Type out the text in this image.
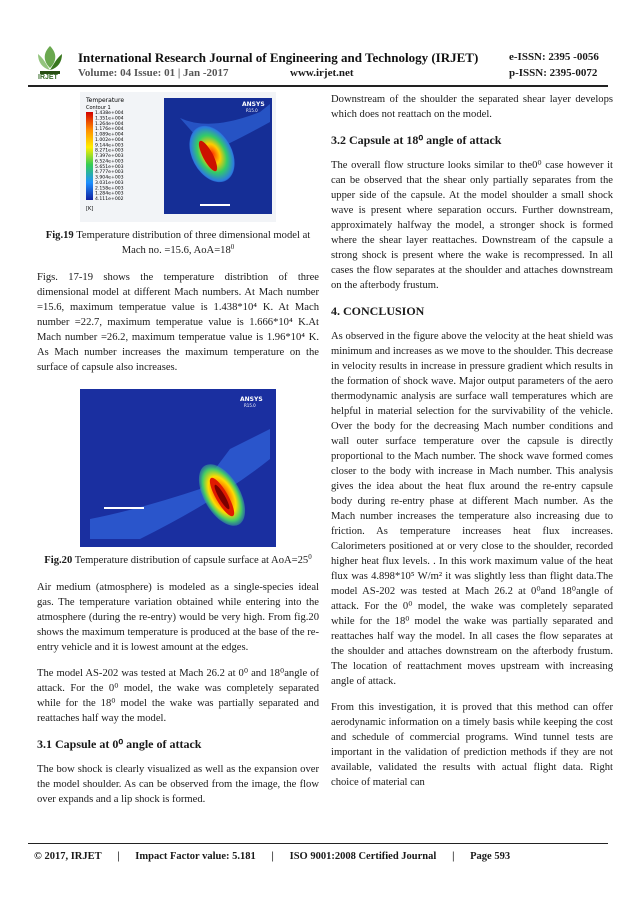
IRJET
International Research Journal of Engineering and Technology (IRJET)	e-ISSN: 2395 -0056
Volume: 04 Issue: 01 | Jan -2017	www.irjet.net	p-ISSN: 2395-0072
Temperature
Contour 1
1.438e+004
1.351e+004
1.264e+004
1.176e+004
1.089e+004
1.002e+004
9.144e+003
8.271e+003
7.397e+003
6.524e+003
5.651e+003
4.777e+003
3.904e+003
3.031e+003
2.158e+003
1.284e+003
4.111e+002
[K]
ANSYS
R15.0
Fig.19 Temperature distribution of three dimensional model at Mach no. =15.6, $AoA=18^0$

Figs. 17-19 shows the temperature distribtion of three dimensional model at different Mach numbers. At Mach number =15.6, maximum temperatue value is 1.438*10⁴ K. At Mach number =22.7, maximum temperatue value is 1.666*10⁴ K.At Mach number =26.2, maximum temperatue value is 1.96*10⁴ K. As Mach number increases the maximum temperature on the surface of capsule also increases.

ANSYS
R15.0
Fig.20 Temperature distribution of capsule surface at $AoA=25^0$

Air medium (atmosphere) is modeled as a single-species ideal gas. The temperature variation obtained while entering into the atmosphere (during the re-entry) would be very high. From fig.20 shows the maximum temperature is produced at the base of the re-entry vehicle and it is lowest amount at the edges.

The model AS-202 was tested at Mach 26.2 at 0⁰ and 18⁰angle of attack. For the 0⁰ model, the wake was completely separated while for the 18⁰ model the wake was partially separated and reattaches half way the model.

3.1 Capsule at 0⁰ angle of attack

The bow shock is clearly visualized as well as the expansion over the model shoulder. As can be observed from the image, the flow over expands and a lip shock is formed.

Downstream of the shoulder the separated shear layer develops which does not reattach on the model.

3.2 Capsule at 18⁰ angle of attack

The overall flow structure looks similar to the0⁰ case however it can be observed that the shear only partially separates from the upper side of the capsule. At the model shoulder a small shock wave is present where separation occurs. Further downstream, approximately halfway the model, a stronger shock is formed where the shear layer reattaches. Downstream of the capsule a strong shock is present where the wake is recompressed. In all cases the flow separates at the shoulder and attaches downstream on the afterbody frustum.

4. CONCLUSION

As observed in the figure above the velocity at the heat shield was minimum and increases as we move to the shoulder. This decrease in velocity results in increase in pressure gradient which results in the formation of shock wave. Major output parameters of the aero thermodynamic analysis are surface wall temperatures which are helpful in material selection for the survivability of the vehicle. Over the body for the decreasing Mach number conditions and wall outer surface temperature over the capsule is directly proportional to the Mach number. The shock wave formed comes closer to the body with increase in Mach number. This analysis gives the idea about the heat flux around the re-entry capsule body during re-entry phase at different Mach number. As the Mach number increases the temperature also increasing due to friction. As temperature increases heat flux increases. Calorimeters positioned at or very close to the shoulder, recorded higher heat flux levels. . In this work maximum value of the heat flux was 4.898*10⁵ W/m² it was slightly less than flight data.The model AS-202 was tested at Mach 26.2 at 0⁰and 18⁰angle of attack. For the 0⁰ model, the wake was completely separated while for the 18⁰ model the wake was partially separated and reattaches half way the model. In all cases the flow separates at the shoulder and attaches downstream on the afterbody frustum. The location of reattachment moves upstream with increasing angle of attack.

From this investigation, it is proved that this method can offer aerodynamic information on a timely basis while keeping the cost and schedule of commercial programs. Wind tunnel tests are important in the validation of prediction methods if they are not available, validated the results with actual flight data. Right choice of material can

© 2017, IRJET      |      Impact Factor value: 5.181      |      ISO 9001:2008 Certified Journal      |      Page 593
